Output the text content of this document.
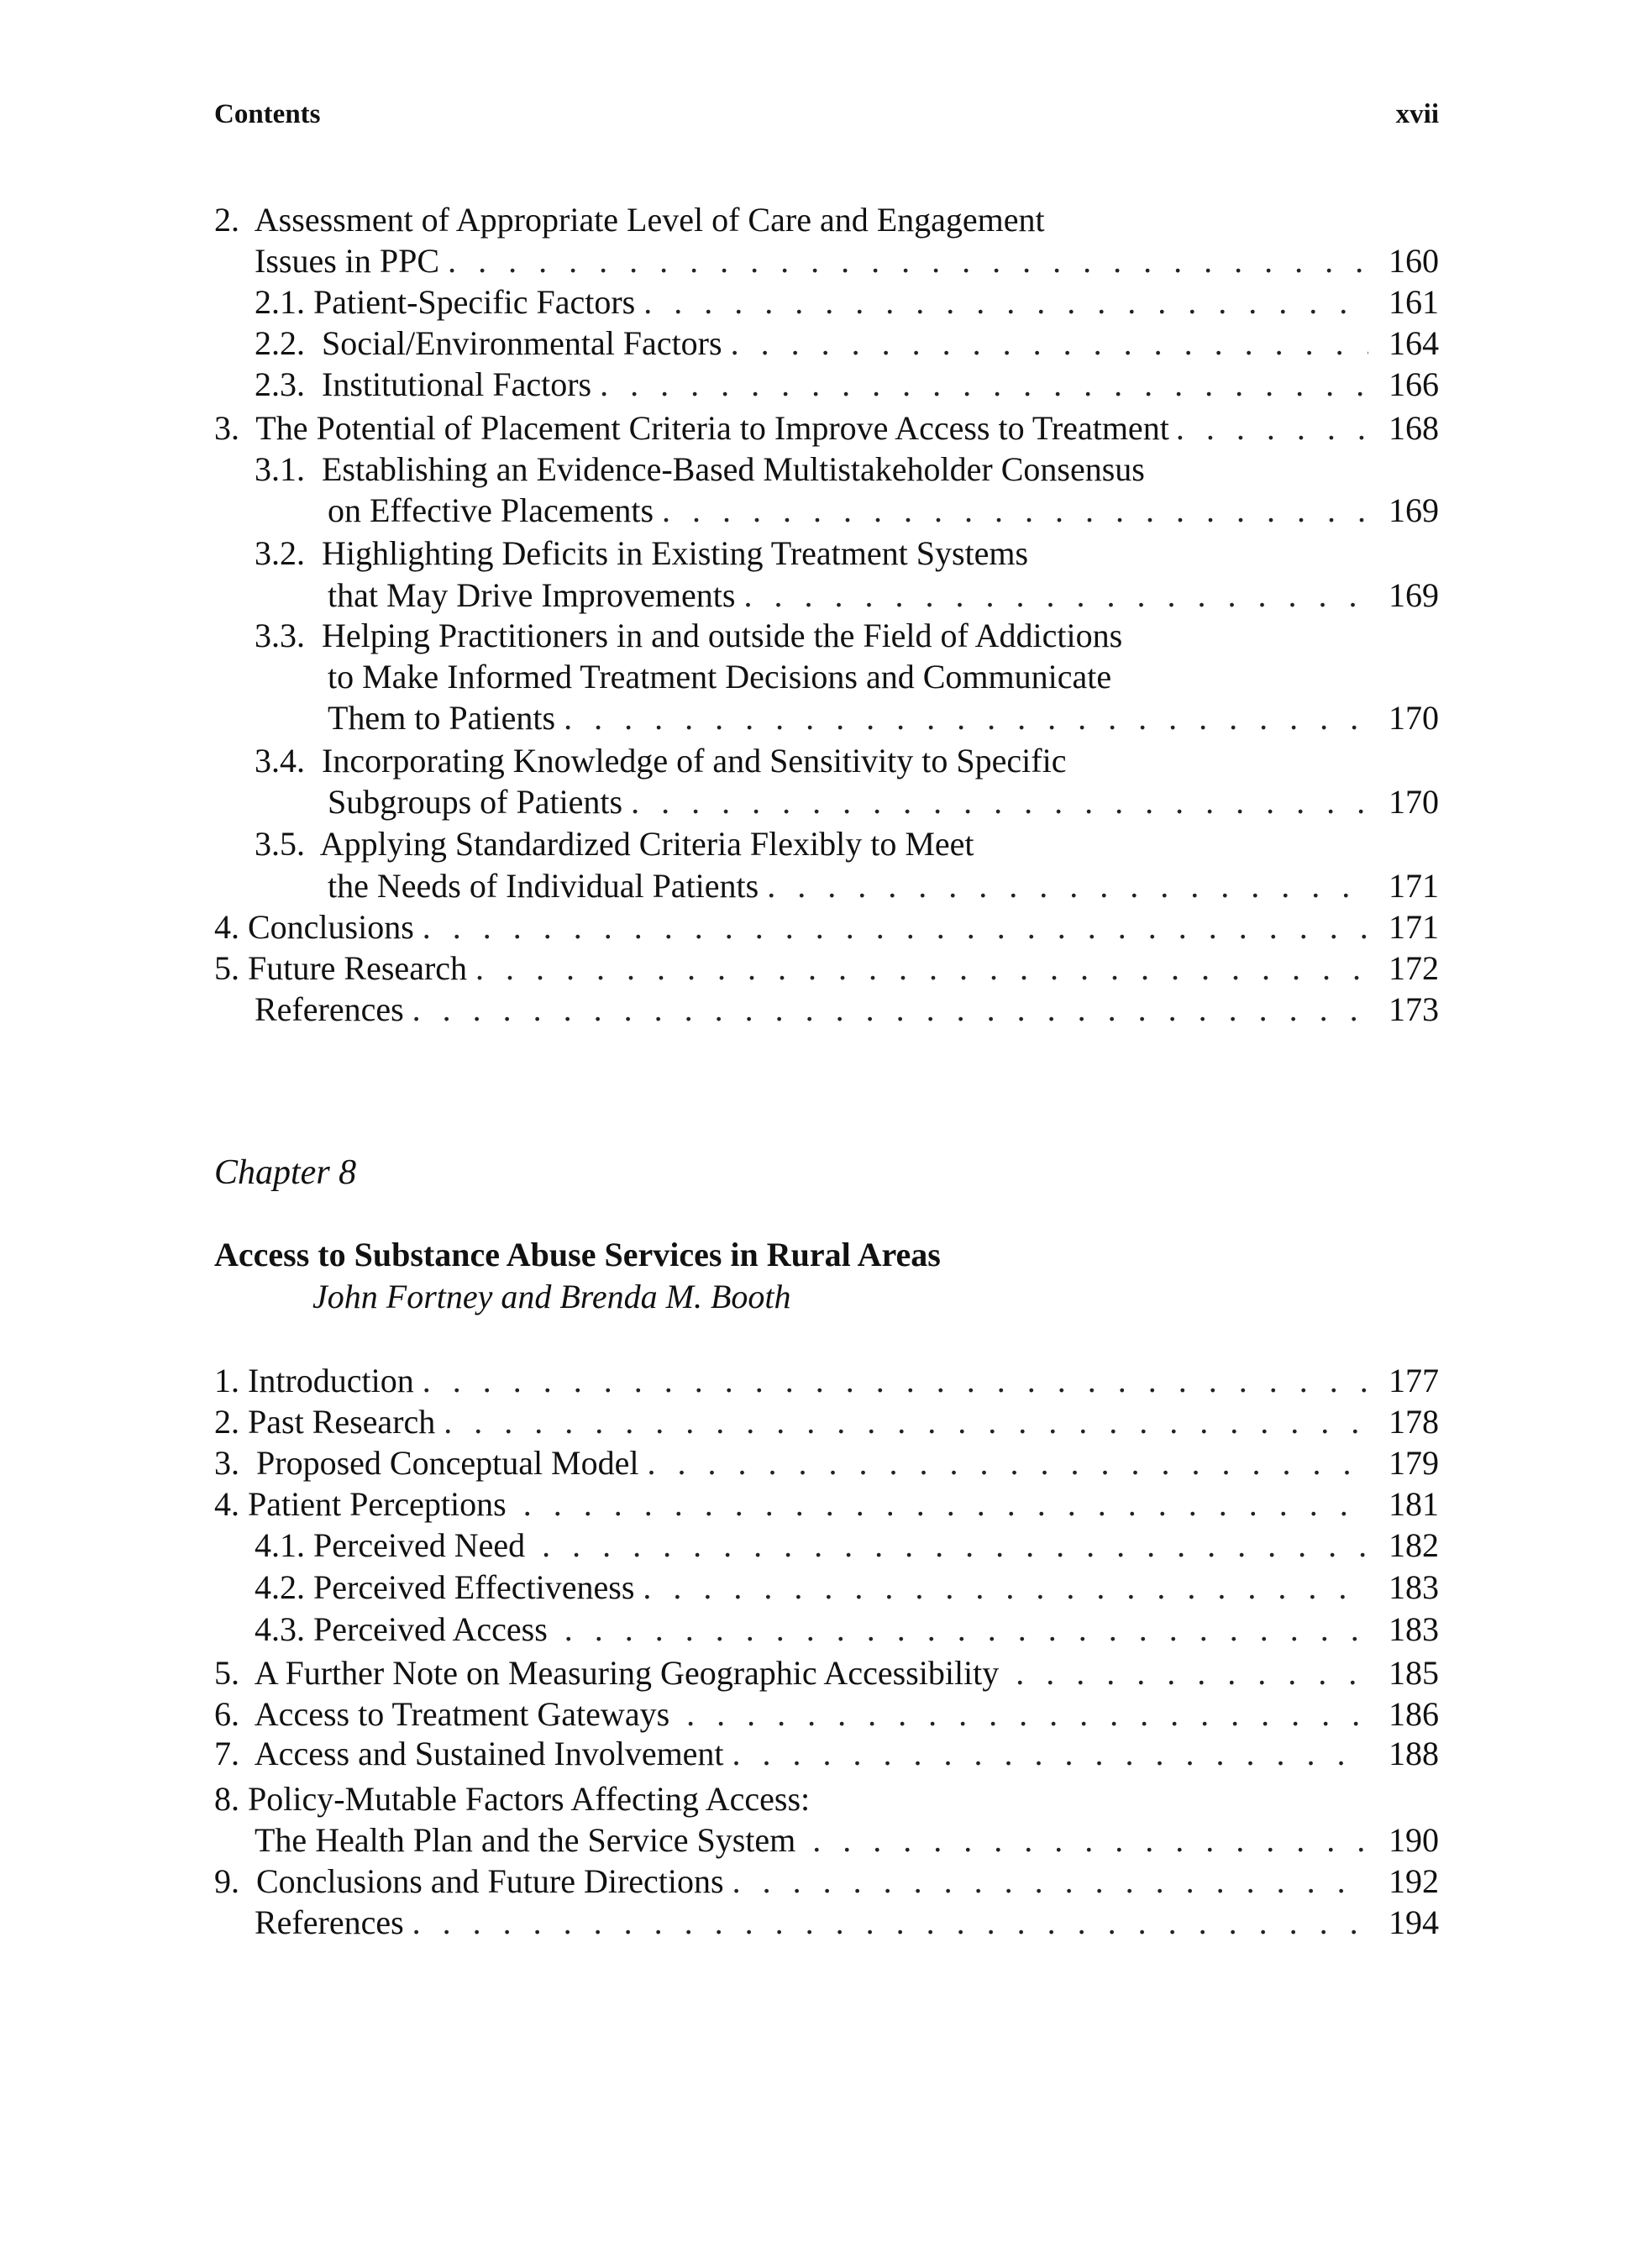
Contents	xvii
2. Assessment of Appropriate Level of Care and Engagement
Issues in PPC . . .	160
2.1. Patient-Specific Factors . . .	161
2.2. Social/Environmental Factors . . .	164
2.3. Institutional Factors . . .	166
3. The Potential of Placement Criteria to Improve Access to Treatment . . .	168
3.1. Establishing an Evidence-Based Multistakeholder Consensus
on Effective Placements . . .	169
3.2. Highlighting Deficits in Existing Treatment Systems
that May Drive Improvements . . .	169
3.3. Helping Practitioners in and outside the Field of Addictions
to Make Informed Treatment Decisions and Communicate
Them to Patients . . .	170
3.4. Incorporating Knowledge of and Sensitivity to Specific
Subgroups of Patients . . .	170
3.5. Applying Standardized Criteria Flexibly to Meet
the Needs of Individual Patients . . .	171
4. Conclusions . . .	171
5. Future Research . . .	172
References . . .	173
Chapter 8
Access to Substance Abuse Services in Rural Areas
John Fortney and Brenda M. Booth
1. Introduction . . .	177
2. Past Research . . .	178
3. Proposed Conceptual Model . . .	179
4. Patient Perceptions . . .	181
4.1. Perceived Need . . .	182
4.2. Perceived Effectiveness . . .	183
4.3. Perceived Access . . .	183
5. A Further Note on Measuring Geographic Accessibility . . .	185
6. Access to Treatment Gateways . . .	186
7. Access and Sustained Involvement . . .	188
8. Policy-Mutable Factors Affecting Access:
The Health Plan and the Service System . . .	190
9. Conclusions and Future Directions . . .	192
References . . .	194
